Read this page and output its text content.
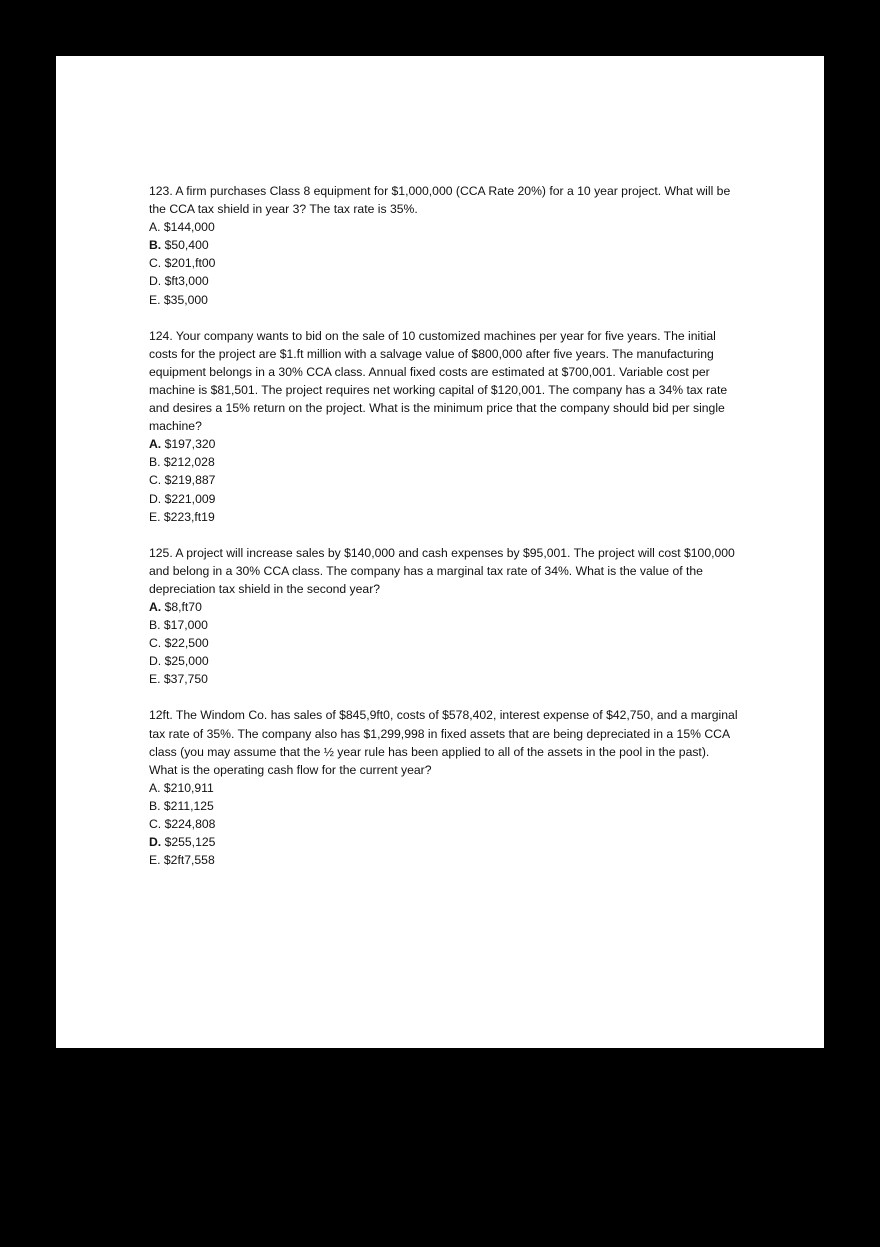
123. A firm purchases Class 8 equipment for $1,000,000 (CCA Rate 20%) for a 10 year project. What will be the CCA tax shield in year 3? The tax rate is 35%.

A. $144,000

B. $50,400

C. $201,ft00

D. $ft3,000

E. $35,000

124. Your company wants to bid on the sale of 10 customized machines per year for five years. The initial costs for the project are $1.ft million with a salvage value of $800,000 after five years. The manufacturing equipment belongs in a 30% CCA class. Annual fixed costs are estimated at $700,001. Variable cost per machine is $81,501. The project requires net working capital of $120,001. The company has a 34% tax rate and desires a 15% return on the project. What is the minimum price that the company should bid per single machine?

A. $197,320

B. $212,028

C. $219,887

D. $221,009

E. $223,ft19

125. A project will increase sales by $140,000 and cash expenses by $95,001. The project will cost $100,000 and belong in a 30% CCA class. The company has a marginal tax rate of 34%. What is the value of the depreciation tax shield in the second year?

A. $8,ft70

B. $17,000

C. $22,500

D. $25,000

E. $37,750

12ft. The Windom Co. has sales of $845,9ft0, costs of $578,402, interest expense of $42,750, and a marginal tax rate of 35%. The company also has $1,299,998 in fixed assets that are being depreciated in a 15% CCA class (you may assume that the ½ year rule has been applied to all of the assets in the pool in the past). What is the operating cash flow for the current year?

A. $210,911

B. $211,125

C. $224,808

D. $255,125

E. $2ft7,558
